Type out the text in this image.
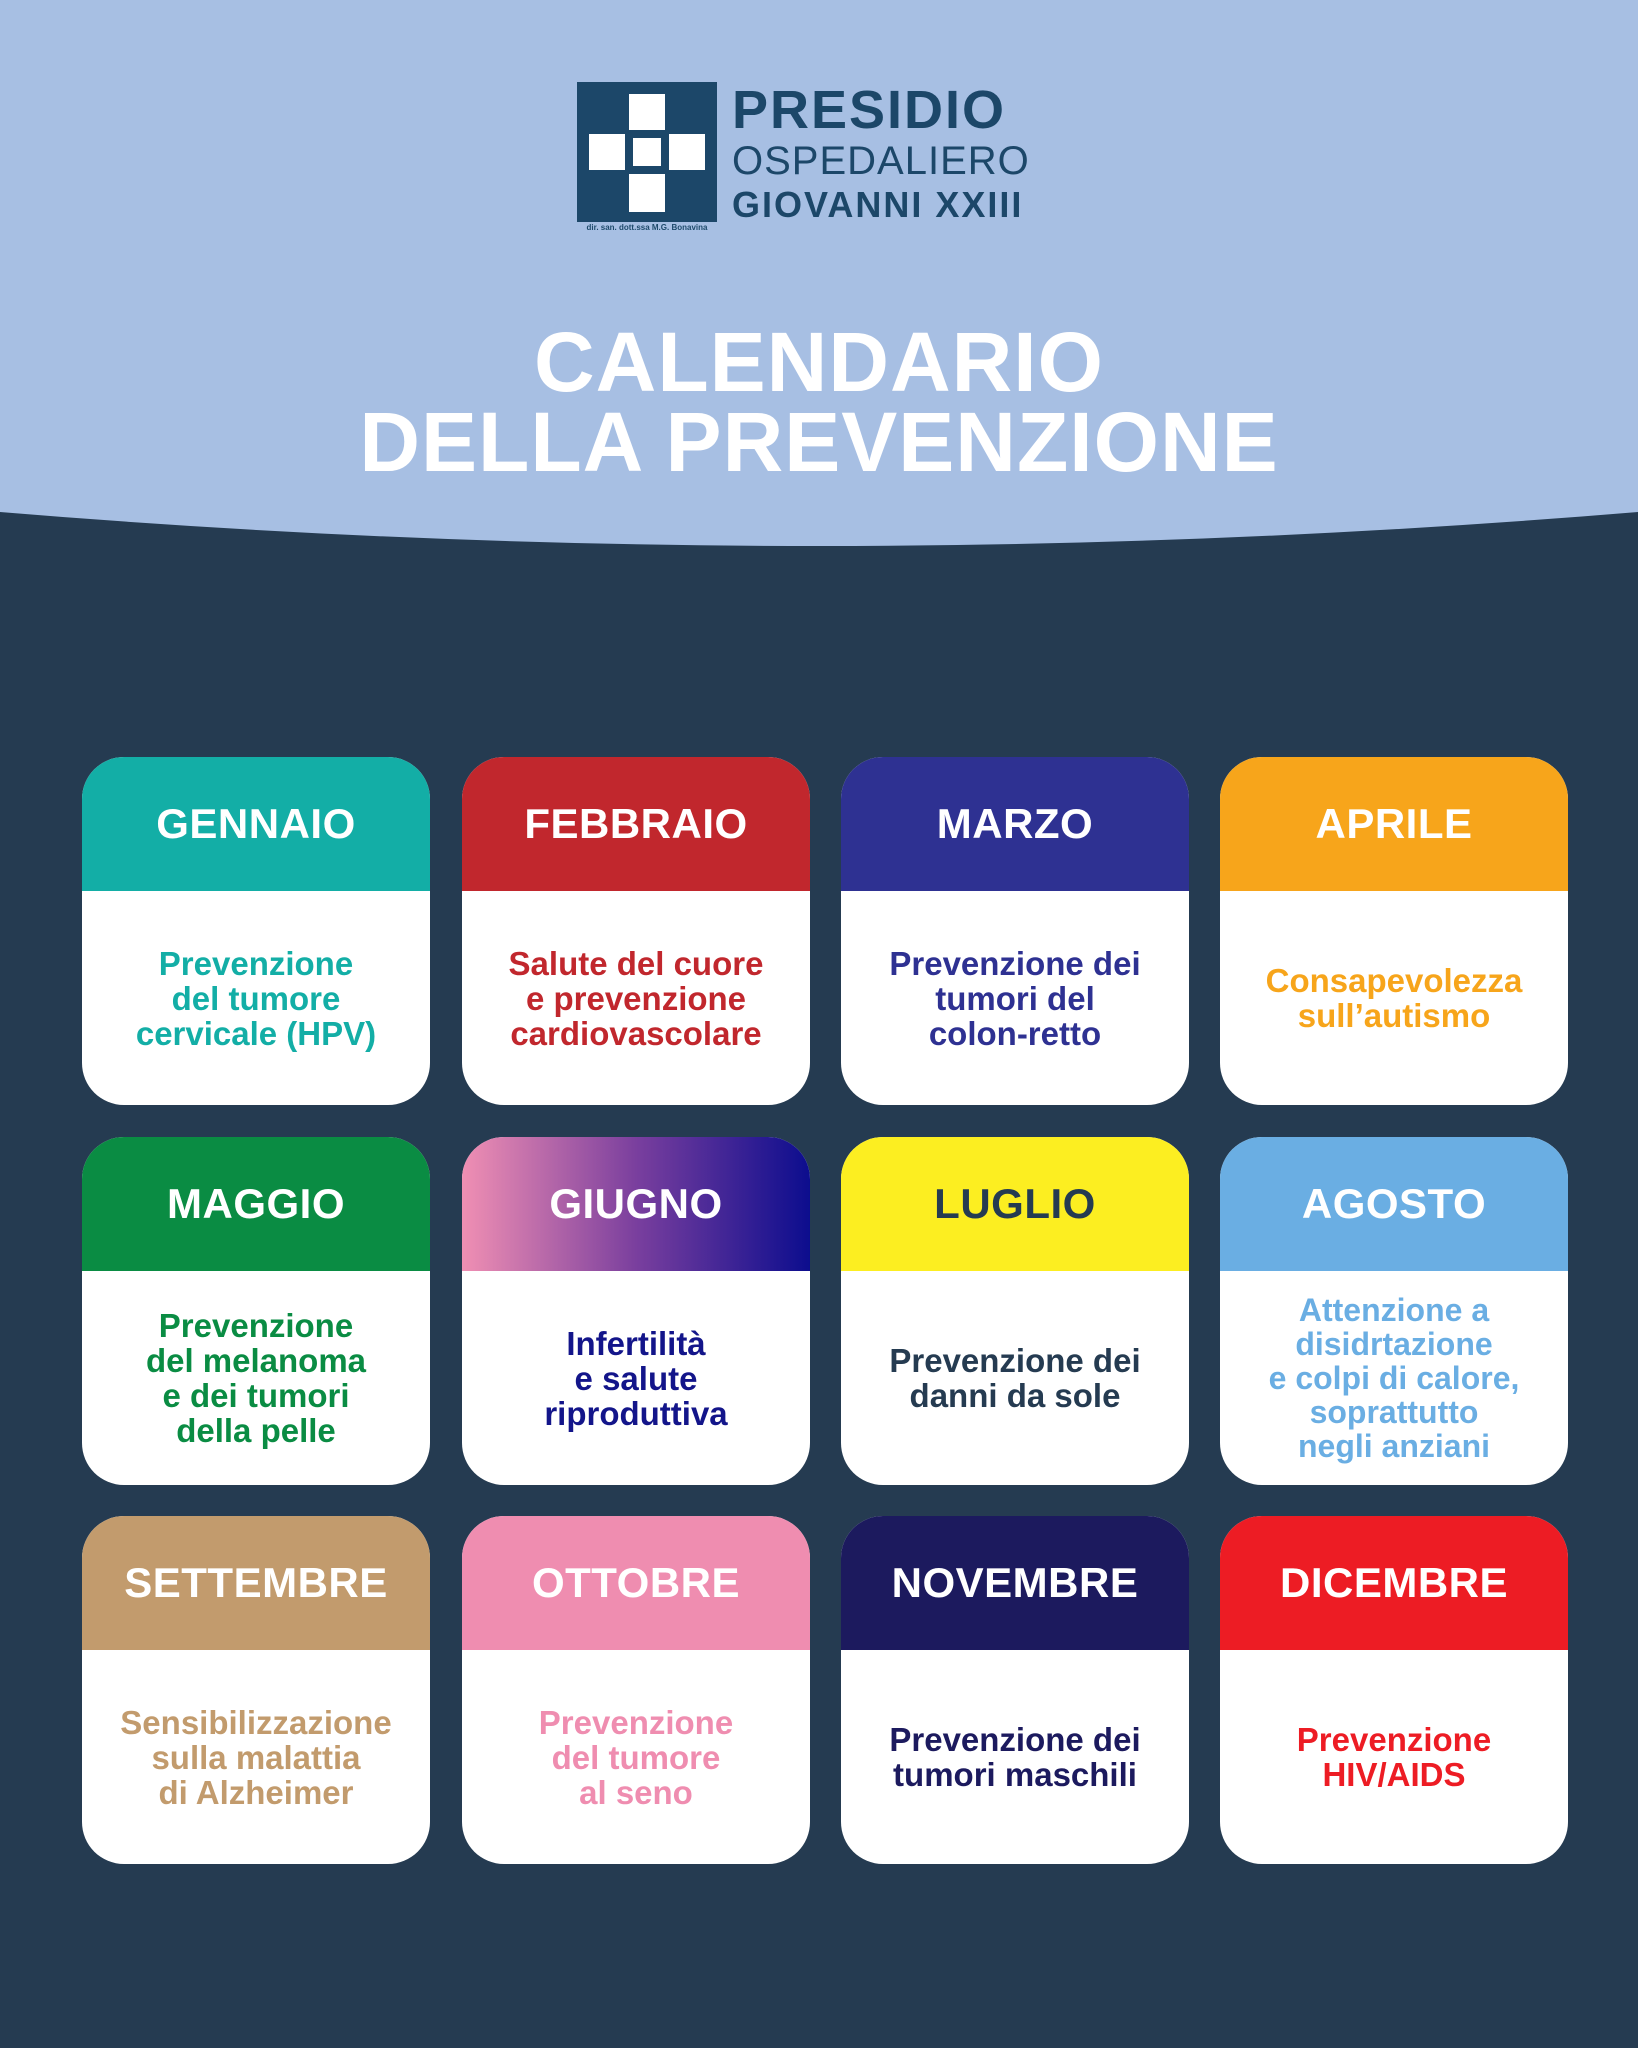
dir. san. dott.ssa M.G. Bonavina
PRESIDIO
OSPEDALIERO
GIOVANNI XXIII
CALENDARIO
DELLA PREVENZIONE
GENNAIO
Prevenzione
del tumore
cervicale (HPV)
FEBBRAIO
Salute del cuore
e prevenzione
cardiovascolare
MARZO
Prevenzione dei
tumori del
colon-retto
APRILE
Consapevolezza
sull’autismo
MAGGIO
Prevenzione
del melanoma
e dei tumori
della pelle
GIUGNO
Infertilità
e salute
riproduttiva
LUGLIO
Prevenzione dei
danni da sole
AGOSTO
Attenzione a
disidrtazione
e colpi di calore,
soprattutto
negli anziani
SETTEMBRE
Sensibilizzazione
sulla malattia
di Alzheimer
OTTOBRE
Prevenzione
del tumore
al seno
NOVEMBRE
Prevenzione dei
tumori maschili
DICEMBRE
Prevenzione
HIV/AIDS
